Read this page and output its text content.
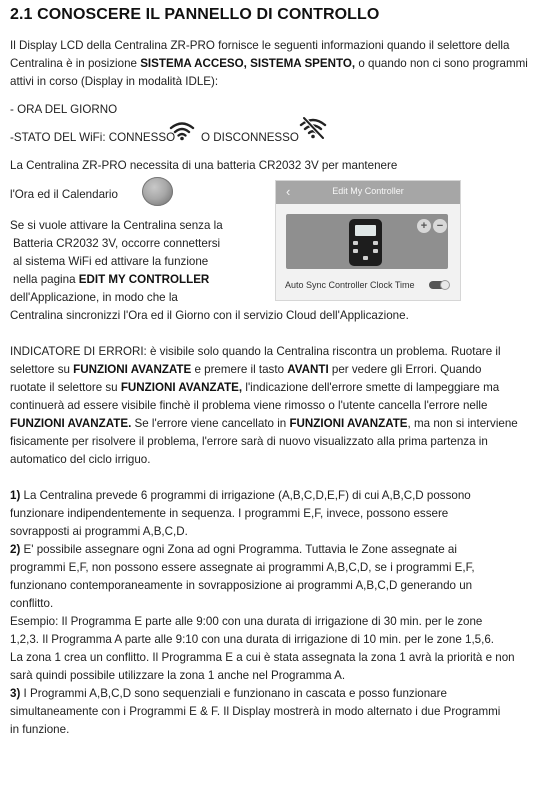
2.1 CONOSCERE IL PANNELLO DI CONTROLLO
Il Display LCD della Centralina ZR-PRO fornisce le seguenti informazioni quando il selettore della
Centralina è in posizione SISTEMA ACCESO, SISTEMA SPENTO, o quando non ci sono programmi
attivi in corso (Display in modalità IDLE):
- ORA DEL GIORNO
-STATO DEL WiFi: CONNESSO O DISCONNESSO
La Centralina ZR-PRO necessita di una batteria CR2032 3V per mantenere
l'Ora ed il Calendario
Se si vuole attivare la Centralina senza la
Batteria CR2032 3V, occorre connettersi
al sistema WiFi ed attivare la funzione
nella pagina EDIT MY CONTROLLER
dell'Applicazione, in modo che la
Centralina sincronizzi l'Ora ed il Giorno con il servizio Cloud dell'Applicazione.
‹	Edit My Controller
+ −
Auto Sync Controller Clock Time
INDICATORE DI ERRORI: è visibile solo quando la Centralina riscontra un problema. Ruotare il
selettore su FUNZIONI AVANZATE e premere il tasto AVANTI per vedere gli Errori. Quando
ruotate il selettore su FUNZIONI AVANZATE, l'indicazione dell'errore smette di lampeggiare ma
continuerà ad essere visibile finchè il problema viene rimosso o l'utente cancella l'errore nelle
FUNZIONI AVANZATE. Se l'errore viene cancellato in FUNZIONI AVANZATE, ma non si interviene
fisicamente per risolvere il problema, l'errore sarà di nuovo visualizzato alla prima partenza in
automatico del ciclo irriguo.
1) La Centralina prevede 6 programmi di irrigazione (A,B,C,D,E,F) di cui A,B,C,D possono
funzionare indipendentemente in sequenza. I programmi E,F, invece, possono essere
sovrapposti ai programmi A,B,C,D.
2) E' possibile assegnare ogni Zona ad ogni Programma. Tuttavia le Zone assegnate ai
programmi E,F, non possono essere assegnate ai programmi A,B,C,D, se i programmi E,F,
funzionano contemporaneamente in sovrapposizione ai programmi A,B,C,D generando un
conflitto.
Esempio: Il Programma E parte alle 9:00 con una durata di irrigazione di 30 min. per le zone
1,2,3. Il Programma A parte alle 9:10 con una durata di irrigazione di 10 min. per le zone 1,5,6.
La zona 1 crea un conflitto. Il Programma E a cui è stata assegnata la zona 1 avrà la priorità e non
sarà quindi possibile utilizzare la zona 1 anche nel Programma A.
3) I Programmi A,B,C,D sono sequenziali e funzionano in cascata e posso funzionare
simultaneamente con i Programmi E & F. Il Display mostrerà in modo alternato i due Programmi
in funzione.
